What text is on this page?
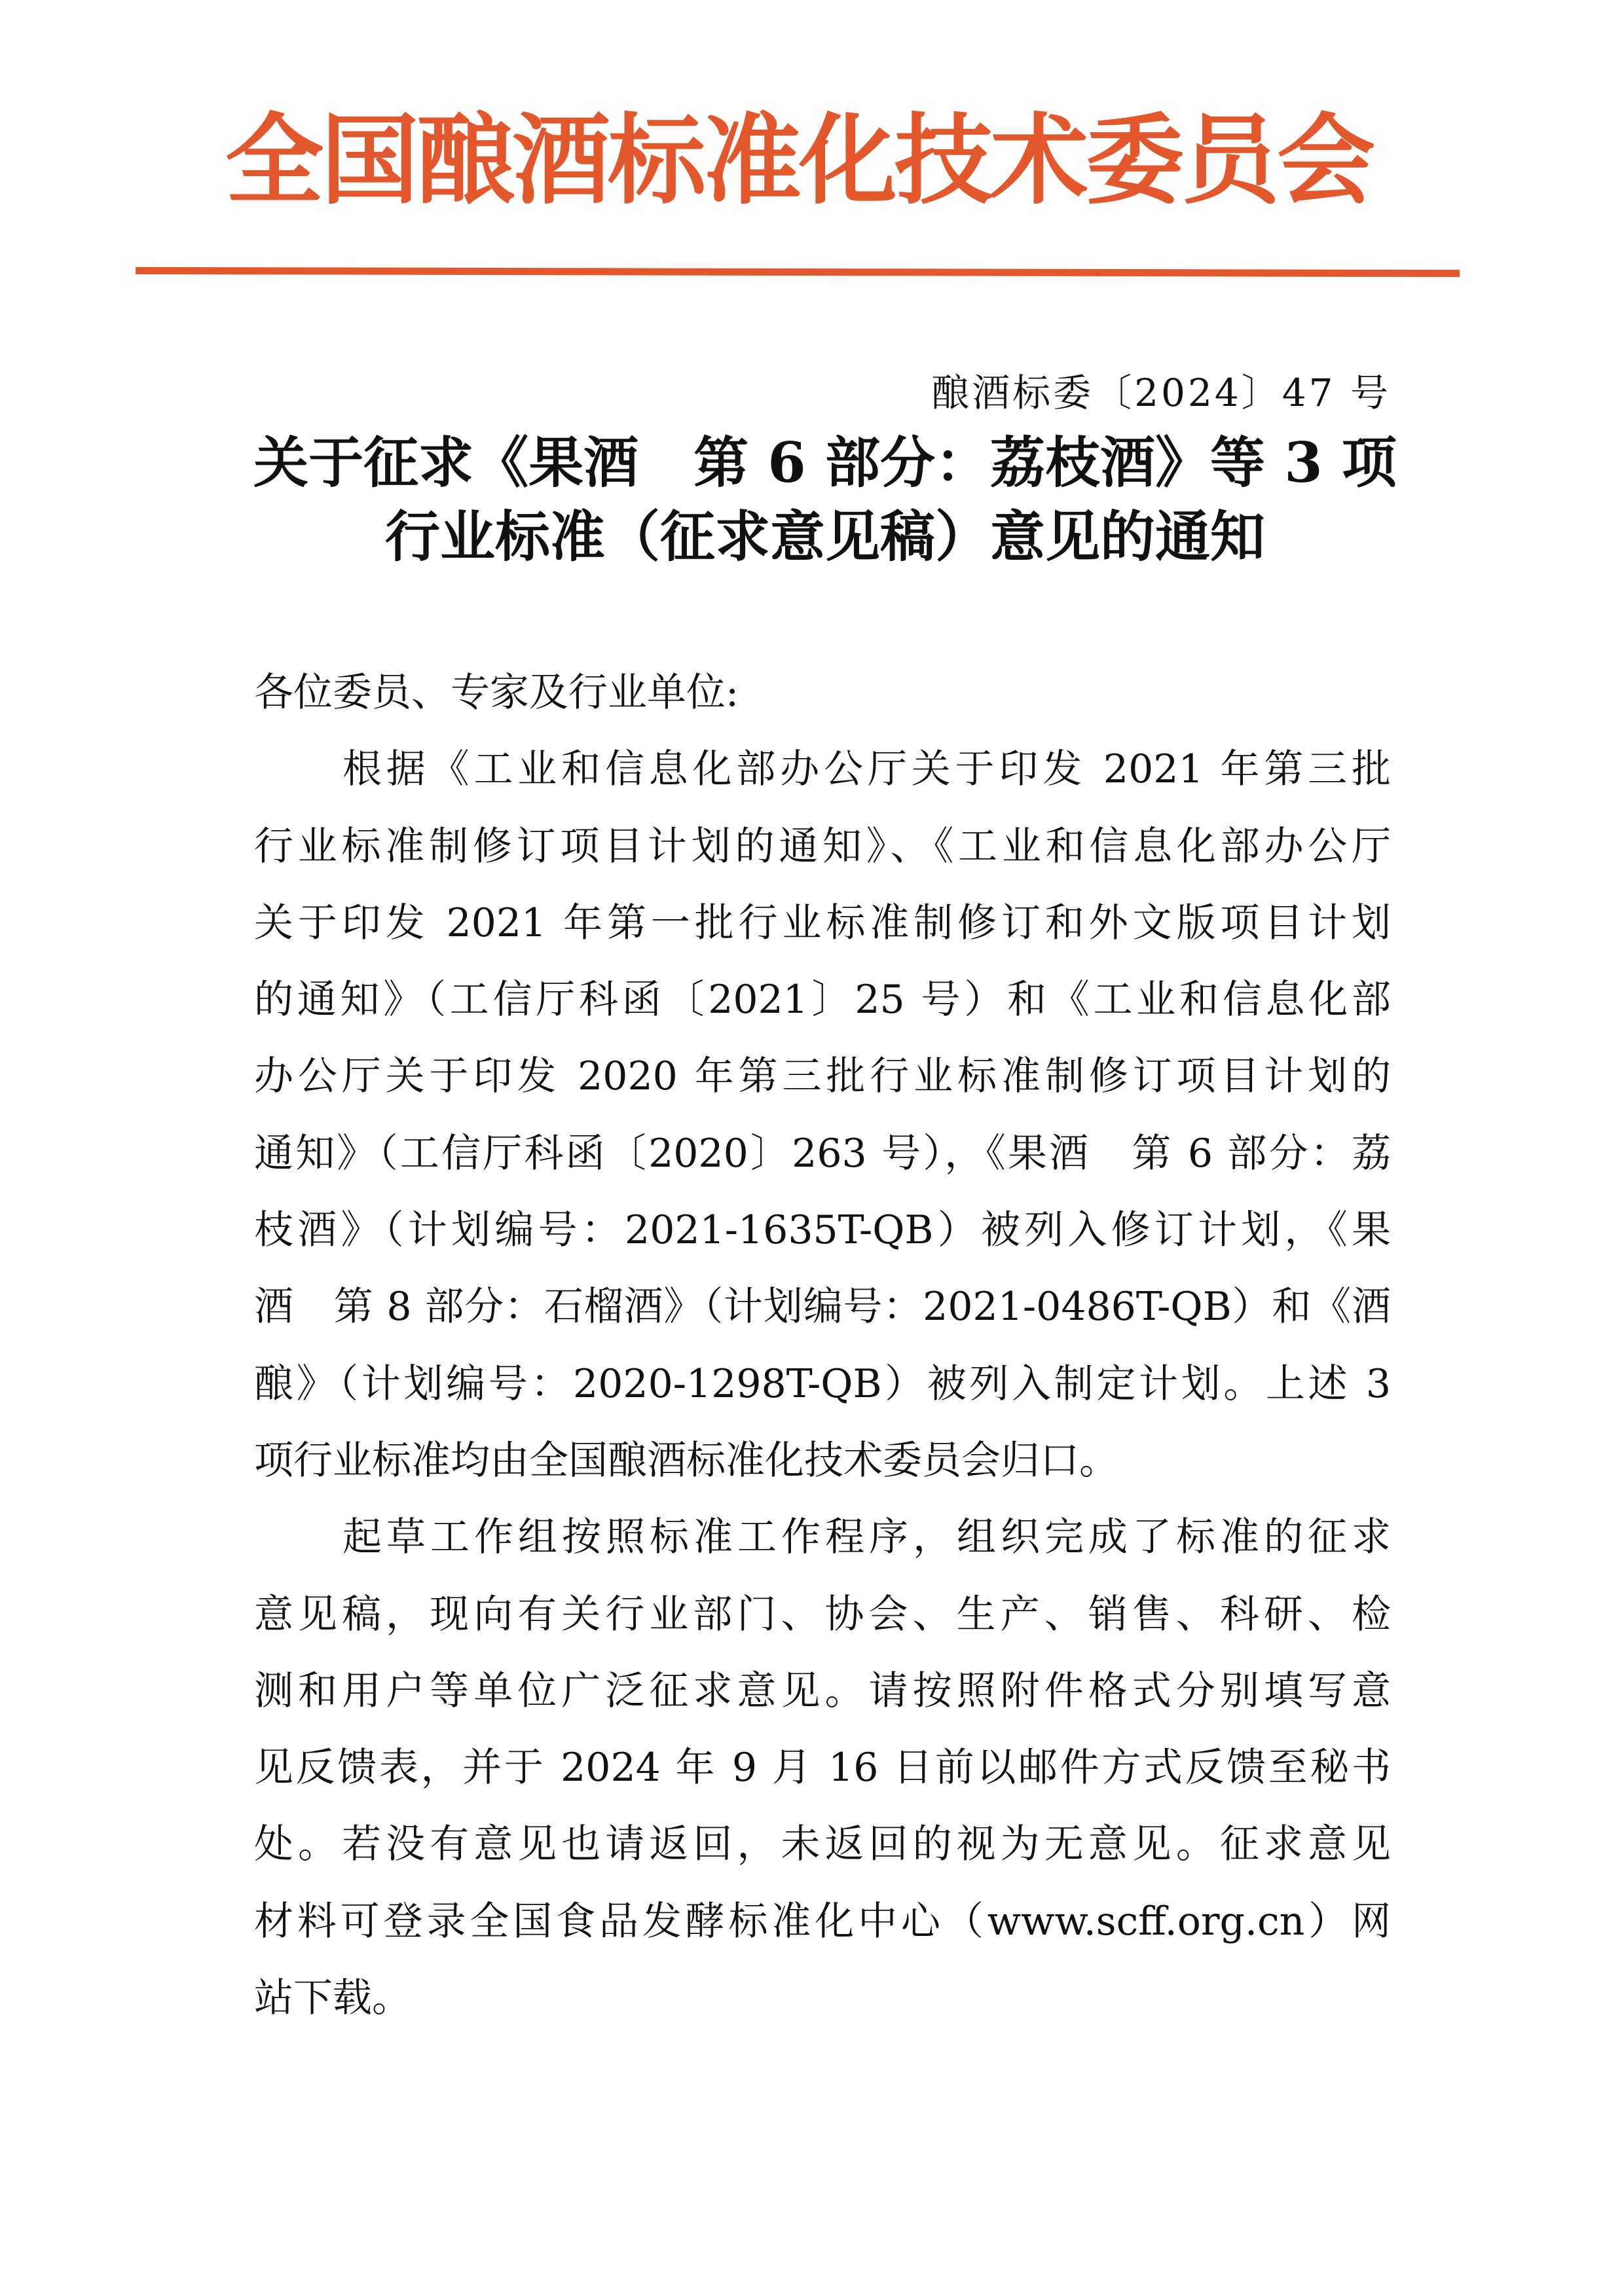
全国酿酒标准化技术委员会
酿酒标委〔2024〕47 号
关于征求《果酒　第 6 部分：荔枝酒》等 3 项
行业标准（征求意见稿）意见的通知
各位委员、专家及行业单位:
根据《工业和信息化部办公厅关于印发 2021 年第三批
行业标准制修订项目计划的通知》、《工业和信息化部办公厅
关于印发 2021 年第一批行业标准制修订和外文版项目计划
的通知》（工信厅科函〔2021〕25 号）和《工业和信息化部
办公厅关于印发 2020 年第三批行业标准制修订项目计划的
通知》（工信厅科函〔2020〕263 号），《果酒　第 6 部分：荔
枝酒》（计划编号：2021-1635T-QB）被列入修订计划，《果
酒　第 8 部分：石榴酒》（计划编号：2021-0486T-QB）和《酒
酿》（计划编号：2020-1298T-QB）被列入制定计划。上述 3
项行业标准均由全国酿酒标准化技术委员会归口。
起草工作组按照标准工作程序，组织完成了标准的征求
意见稿，现向有关行业部门、协会、生产、销售、科研、检
测和用户等单位广泛征求意见。请按照附件格式分别填写意
见反馈表，并于 2024 年 9 月 16 日前以邮件方式反馈至秘书
处。若没有意见也请返回，未返回的视为无意见。征求意见
材料可登录全国食品发酵标准化中心（www.scff.org.cn）网
站下载。
